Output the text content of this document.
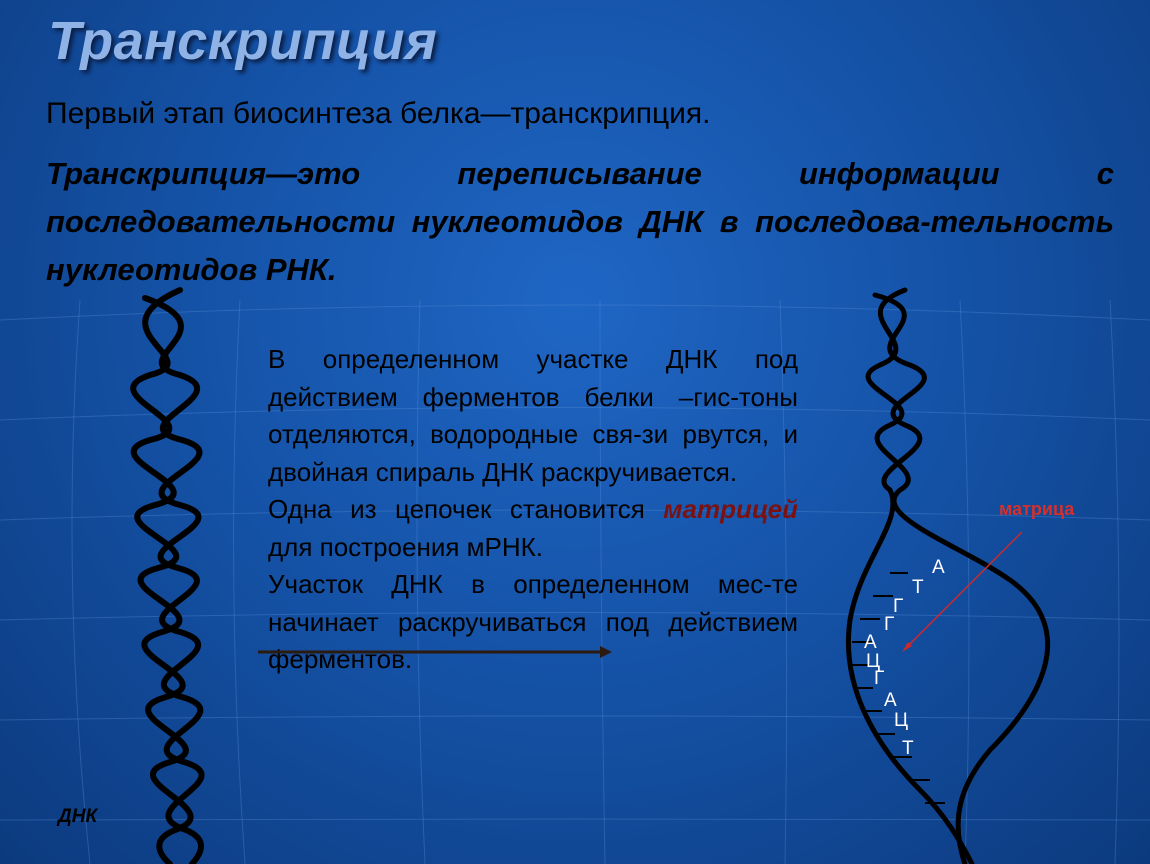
Транскрипция

Первый этап биосинтеза белка—транскрипция.

Транскрипция—это переписывание информации с последовательности нуклеотидов ДНК в последова-тельность нуклеотидов РНК.

А
Т
Г
Г
А
Ц
Г
А
Ц
Т

В определенном участке ДНК под действием ферментов белки –гис-тоны отделяются, водородные свя-зи рвутся, и двойная спираль ДНК раскручивается.

Одна из цепочек становится матрицей для построения мРНК.

Участок ДНК в определенном мес-те начинает раскручиваться под действием ферментов.

ДНК

матрица
